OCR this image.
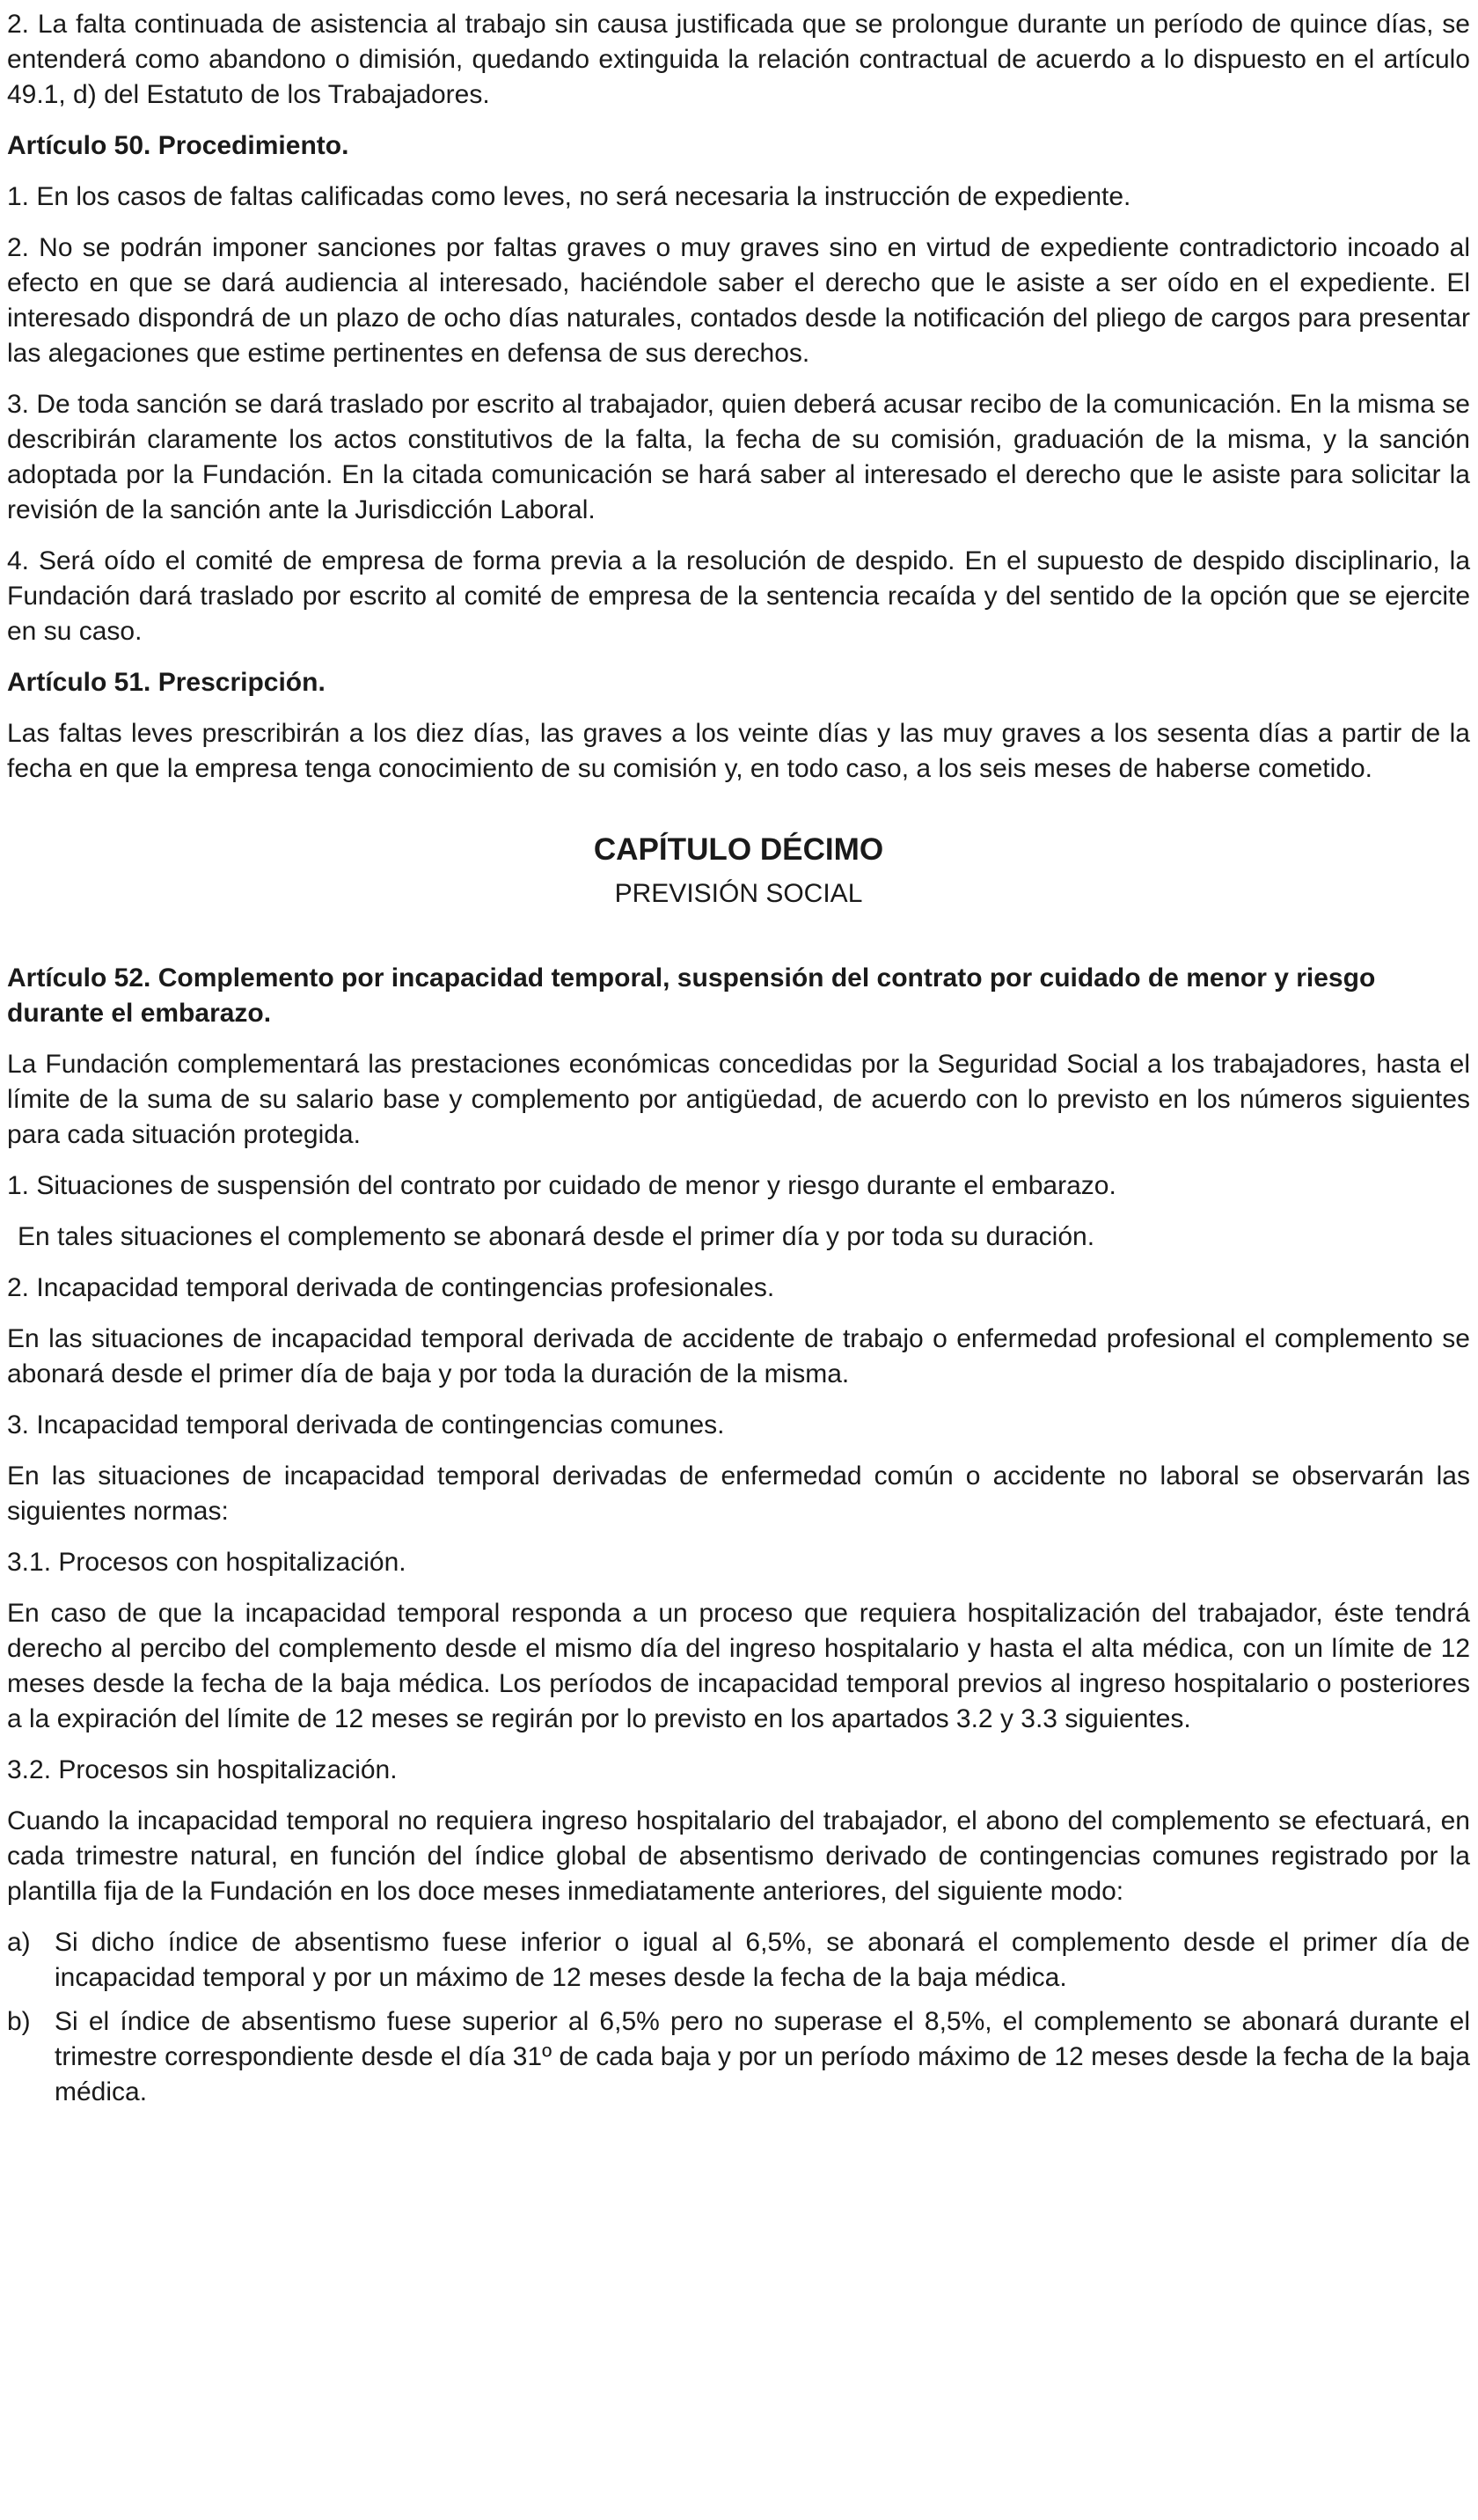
2. La falta continuada de asistencia al trabajo sin causa justificada que se prolongue durante un período de quince días, se entenderá como abandono o dimisión, quedando extinguida la relación contractual de acuerdo a lo dispuesto en el artículo 49.1, d) del Estatuto de los Trabajadores.

Artículo 50. Procedimiento.

1. En los casos de faltas calificadas como leves, no será necesaria la instrucción de expediente.

2. No se podrán imponer sanciones por faltas graves o muy graves sino en virtud de expediente contradictorio incoado al efecto en que se dará audiencia al interesado, haciéndole saber el derecho que le asiste a ser oído en el expediente. El interesado dispondrá de un plazo de ocho días naturales, contados desde la notificación del pliego de cargos para presentar las alegaciones que estime pertinentes en defensa de sus derechos.

3. De toda sanción se dará traslado por escrito al trabajador, quien deberá acusar recibo de la comunicación. En la misma se describirán claramente los actos constitutivos de la falta, la fecha de su comisión, graduación de la misma, y la sanción adoptada por la Fundación. En la citada comunicación se hará saber al interesado el derecho que le asiste para solicitar la revisión de la sanción ante la Jurisdicción Laboral.

4. Será oído el comité de empresa de forma previa a la resolución de despido. En el supuesto de despido disciplinario, la Fundación dará traslado por escrito al comité de empresa de la sentencia recaída y del sentido de la opción que se ejercite en su caso.

Artículo 51. Prescripción.

Las faltas leves prescribirán a los diez días, las graves a los veinte días y las muy graves a los sesenta días a partir de la fecha en que la empresa tenga conocimiento de su comisión y, en todo caso, a los seis meses de haberse cometido.

CAPÍTULO DÉCIMO

PREVISIÓN SOCIAL

Artículo 52. Complemento por incapacidad temporal, suspensión del contrato por cuidado de menor y riesgo durante el embarazo.

La Fundación complementará las prestaciones económicas concedidas por la Seguridad Social a los trabajadores, hasta el límite de la suma de su salario base y complemento por antigüedad, de acuerdo con lo previsto en los números siguientes para cada situación protegida.

1. Situaciones de suspensión del contrato por cuidado de menor y riesgo durante el embarazo.

En tales situaciones el complemento se abonará desde el primer día y por toda su duración.

2. Incapacidad temporal derivada de contingencias profesionales.

En las situaciones de incapacidad temporal derivada de accidente de trabajo o enfermedad profesional el complemento se abonará desde el primer día de baja y por toda la duración de la misma.

3. Incapacidad temporal derivada de contingencias comunes.

En las situaciones de incapacidad temporal derivadas de enfermedad común o accidente no laboral se observarán las siguientes normas:

3.1. Procesos con hospitalización.

En caso de que la incapacidad temporal responda a un proceso que requiera hospitalización del trabajador, éste tendrá derecho al percibo del complemento desde el mismo día del ingreso hospitalario y hasta el alta médica, con un límite de 12 meses desde la fecha de la baja médica. Los períodos de incapacidad temporal previos al ingreso hospitalario o posteriores a la expiración del límite de 12 meses se regirán por lo previsto en los apartados 3.2 y 3.3 siguientes.

3.2. Procesos sin hospitalización.

Cuando la incapacidad temporal no requiera ingreso hospitalario del trabajador, el abono del complemento se efectuará, en cada trimestre natural, en función del índice global de absentismo derivado de contingencias comunes registrado por la plantilla fija de la Fundación en los doce meses inmediatamente anteriores, del siguiente modo:

a) Si dicho índice de absentismo fuese inferior o igual al 6,5%, se abonará el complemento desde el primer día de incapacidad temporal y por un máximo de 12 meses desde la fecha de la baja médica.
b) Si el índice de absentismo fuese superior al 6,5% pero no superase el 8,5%, el complemento se abonará durante el trimestre correspondiente desde el día 31º de cada baja y por un período máximo de 12 meses desde la fecha de la baja médica.
